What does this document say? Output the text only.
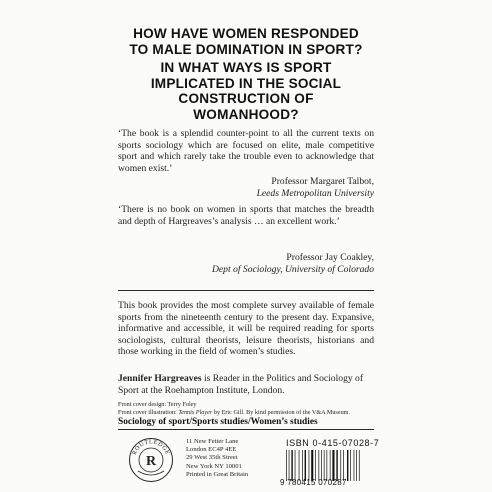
HOW HAVE WOMEN RESPONDED
TO MALE DOMINATION IN SPORT?
IN WHAT WAYS IS SPORT
IMPLICATED IN THE SOCIAL
CONSTRUCTION OF
WOMANHOOD?
‘The book is a splendid counter-point to all the current texts on sports sociology which are focused on elite, male competitive sport and which rarely take the trouble even to acknowledge that women exist.’
Professor Margaret Talbot,
Leeds Metropolitan University
‘There is no book on women in sports that matches the breadth and depth of Hargreaves’s analysis … an excellent work.’
Professor Jay Coakley,
Dept of Sociology, University of Colorado
This book provides the most complete survey available of female sports from the nineteenth century to the present day. Expansive, informative and accessible, it will be required reading for sports sociologists, cultural theorists, leisure theorists, historians and those working in the field of women’s studies.
Jennifer Hargreaves is Reader in the Politics and Sociology of Sport at the Roehampton Institute, London.
Front cover design: Terry Foley
Front cover illustration: Tennis Player by Eric Gill. By kind permission of the V&A Museum.
Sociology of sport/Sports studies/Women’s studies
ROUTLEDGE
R
11 New Fetter Lane
London EC4P 4EE
29 West 35th Street
New York NY 10001
Printed in Great Britain
ISBN 0-415-07028-7
9 780415 070287
